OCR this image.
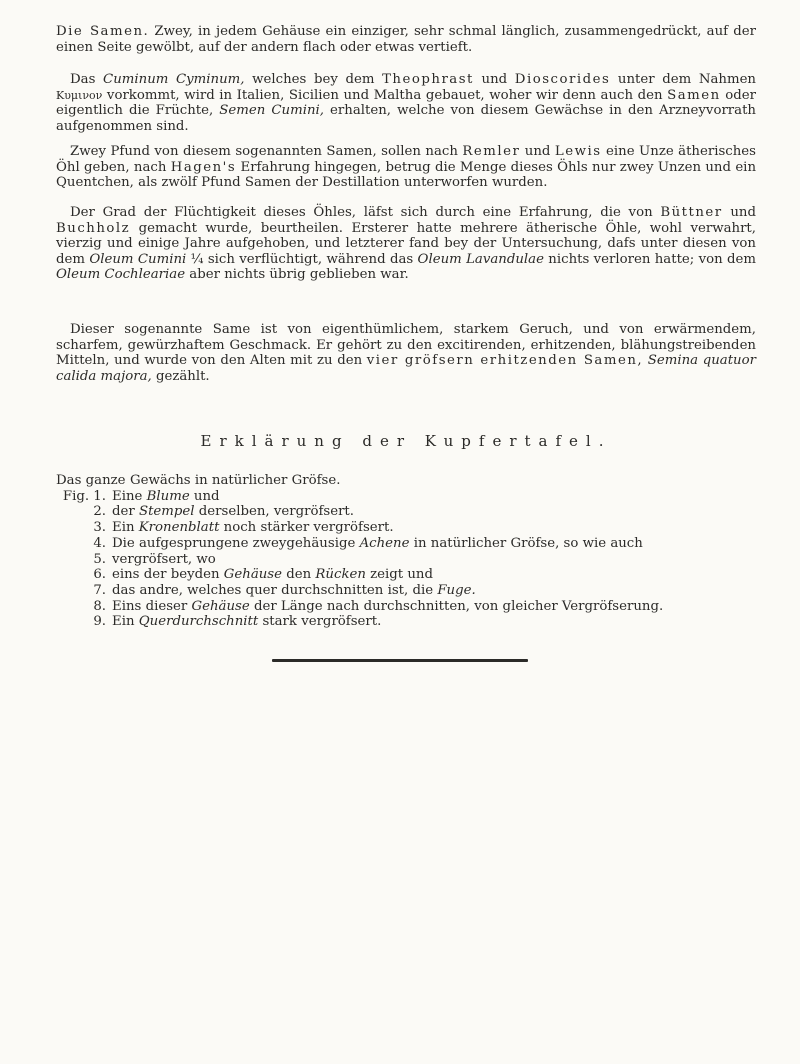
Die Samen. Zwey, in jedem Gehäuse ein einziger, sehr schmal länglich, zusammengedrückt, auf der einen Seite gewölbt, auf der andern flach oder etwas vertieft.

Das Cuminum Cyminum, welches bey dem Theophrast und Dioscorides unter dem Nahmen Κυμινον vorkommt, wird in Italien, Sicilien und Maltha gebauet, woher wir denn auch den Samen oder eigentlich die Früchte, Semen Cumini, erhalten, welche von diesem Gewächse in den Arzneyvorrath aufgenommen sind.

Zwey Pfund von diesem sogenannten Samen, sollen nach Remler und Lewis eine Unze ätherisches Öhl geben, nach Hagen's Erfahrung hingegen, betrug die Menge dieses Öhls nur zwey Unzen und ein Quentchen, als zwölf Pfund Samen der Destillation unterworfen wurden.

Der Grad der Flüchtigkeit dieses Öhles, läfst sich durch eine Erfahrung, die von Büttner und Buchholz gemacht wurde, beurtheilen. Ersterer hatte mehrere ätherische Öhle, wohl verwahrt, vierzig und einige Jahre aufgehoben, und letzterer fand bey der Untersuchung, dafs unter diesen von dem Oleum Cumini ¼ sich verflüchtigt, während das Oleum Lavandulae nichts verloren hatte; von dem Oleum Cochleariae aber nichts übrig geblieben war.

Dieser sogenannte Same ist von eigenthümlichem, starkem Geruch, und von erwärmendem, scharfem, gewürzhaftem Geschmack. Er gehört zu den excitirenden, erhitzenden, blähungstreibenden Mitteln, und wurde von den Alten mit zu den vier gröfsern erhitzenden Samen, Semina quatuor calida majora, gezählt.

Erklärung der Kupfertafel.
Das ganze Gewächs in natürlicher Gröfse.
Fig. 1. Eine Blume und
2. der Stempel derselben, vergröfsert.
3. Ein Kronenblatt noch stärker vergröfsert.
4. Die aufgesprungene zweygehäusige Achene in natürlicher Gröfse, so wie auch
5. vergröfsert, wo
6. eins der beyden Gehäuse den Rücken zeigt und
7. das andre, welches quer durchschnitten ist, die Fuge.
8. Eins dieser Gehäuse der Länge nach durchschnitten, von gleicher Vergröfserung.
9. Ein Querdurchschnitt stark vergröfsert.
